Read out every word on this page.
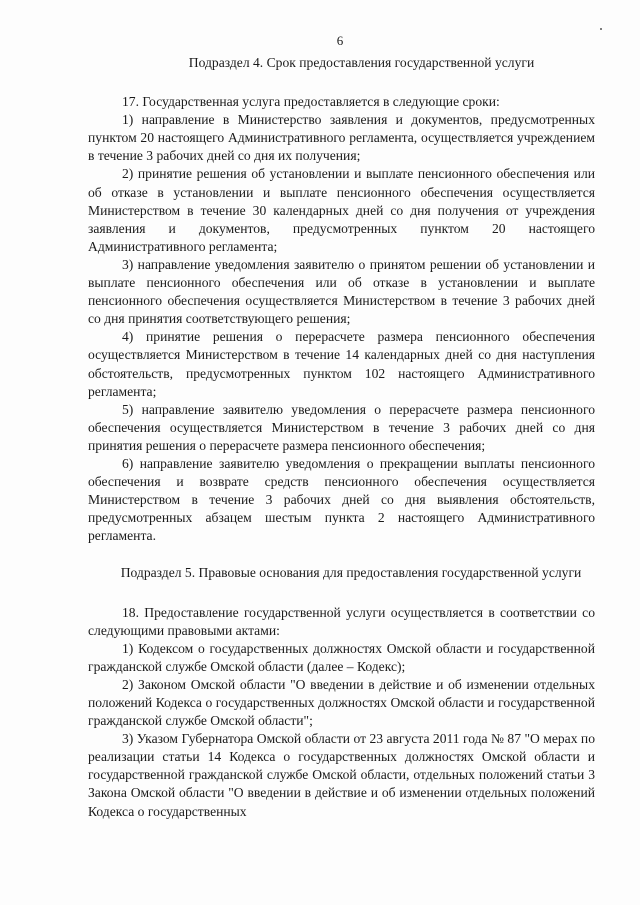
6

Подраздел 4. Срок предоставления государственной услуги

17. Государственная услуга предоставляется в следующие сроки:

1) направление в Министерство заявления и документов, предусмотренных пунктом 20 настоящего Административного регламента, осуществляется учреждением в течение 3 рабочих дней со дня их получения;

2) принятие решения об установлении и выплате пенсионного обеспечения или об отказе в установлении и выплате пенсионного обеспечения осуществляется Министерством в течение 30 календарных дней со дня получения от учреждения заявления и документов, предусмотренных пунктом 20 настоящего Административного регламента;

3) направление уведомления заявителю о принятом решении об установлении и выплате пенсионного обеспечения или об отказе в установлении и выплате пенсионного обеспечения осуществляется Министерством в течение 3 рабочих дней со дня принятия соответствующего решения;

4) принятие решения о перерасчете размера пенсионного обеспечения осуществляется Министерством в течение 14 календарных дней со дня наступления обстоятельств, предусмотренных пунктом 102 настоящего Административного регламента;

5) направление заявителю уведомления о перерасчете размера пенсионного обеспечения осуществляется Министерством в течение 3 рабочих дней со дня принятия решения о перерасчете размера пенсионного обеспечения;

6) направление заявителю уведомления о прекращении выплаты пенсионного обеспечения и возврате средств пенсионного обеспечения осуществляется Министерством в течение 3 рабочих дней со дня выявления обстоятельств, предусмотренных абзацем шестым пункта 2 настоящего Административного регламента.

Подраздел 5. Правовые основания для предоставления государственной услуги

18. Предоставление государственной услуги осуществляется в соответствии со следующими правовыми актами:

1) Кодексом о государственных должностях Омской области и государственной гражданской службе Омской области (далее – Кодекс);

2) Законом Омской области "О введении в действие и об изменении отдельных положений Кодекса о государственных должностях Омской области и государственной гражданской службе Омской области";

3) Указом Губернатора Омской области от 23 августа 2011 года № 87 "О мерах по реализации статьи 14 Кодекса о государственных должностях Омской области и государственной гражданской службе Омской области, отдельных положений статьи 3 Закона Омской области "О введении в действие и об изменении отдельных положений Кодекса о государственных
